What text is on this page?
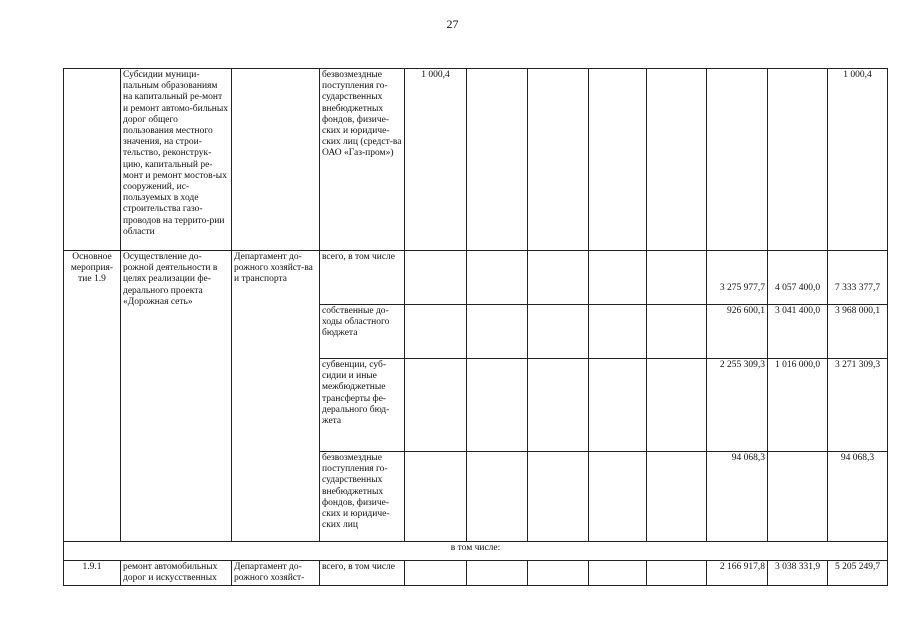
27
	Субсидии муници-пальным образованиям на капитальный ре-монт и ремонт автомо-бильных дорог общего пользования местного значения, на строи-тельство, реконструк-цию, капитальный ре-монт и ремонт мостов-ых сооружений, ис-пользуемых в ходе строительства газо-проводов на террито-рии области		безвозмездные поступления го-сударственных внебюджетных фондов, физиче-ских и юридиче-ских лиц (средст-ва ОАО «Газ-пром»)	1 000,4							1 000,4
Основное мероприя-тие 1.9	Осуществление до-рожной деятельности в целях реализации фе-дерального проекта «Дорожная сеть»	Департамент до-рожного хозяйст-ва и транспорта	всего, в том числе						3 275 977,7	4 057 400,0	7 333 377,7
			собственные до-ходы областного бюджета						926 600,1	3 041 400,0	3 968 000,1
			субвенции, суб-сидии и иные межбюджетные трансферты фе-дерального бюд-жета						2 255 309,3	1 016 000,0	3 271 309,3
			безвозмездные поступления го-сударственных внебюджетных фондов, физиче-ских и юридиче-ских лиц						94 068,3		94 068,3
в том числе:											
1.9.1	ремонт автомобильных дорог и искусственных	Департамент до-рожного хозяйст-	всего, в том числе						2 166 917,8	3 038 331,9	5 205 249,7
